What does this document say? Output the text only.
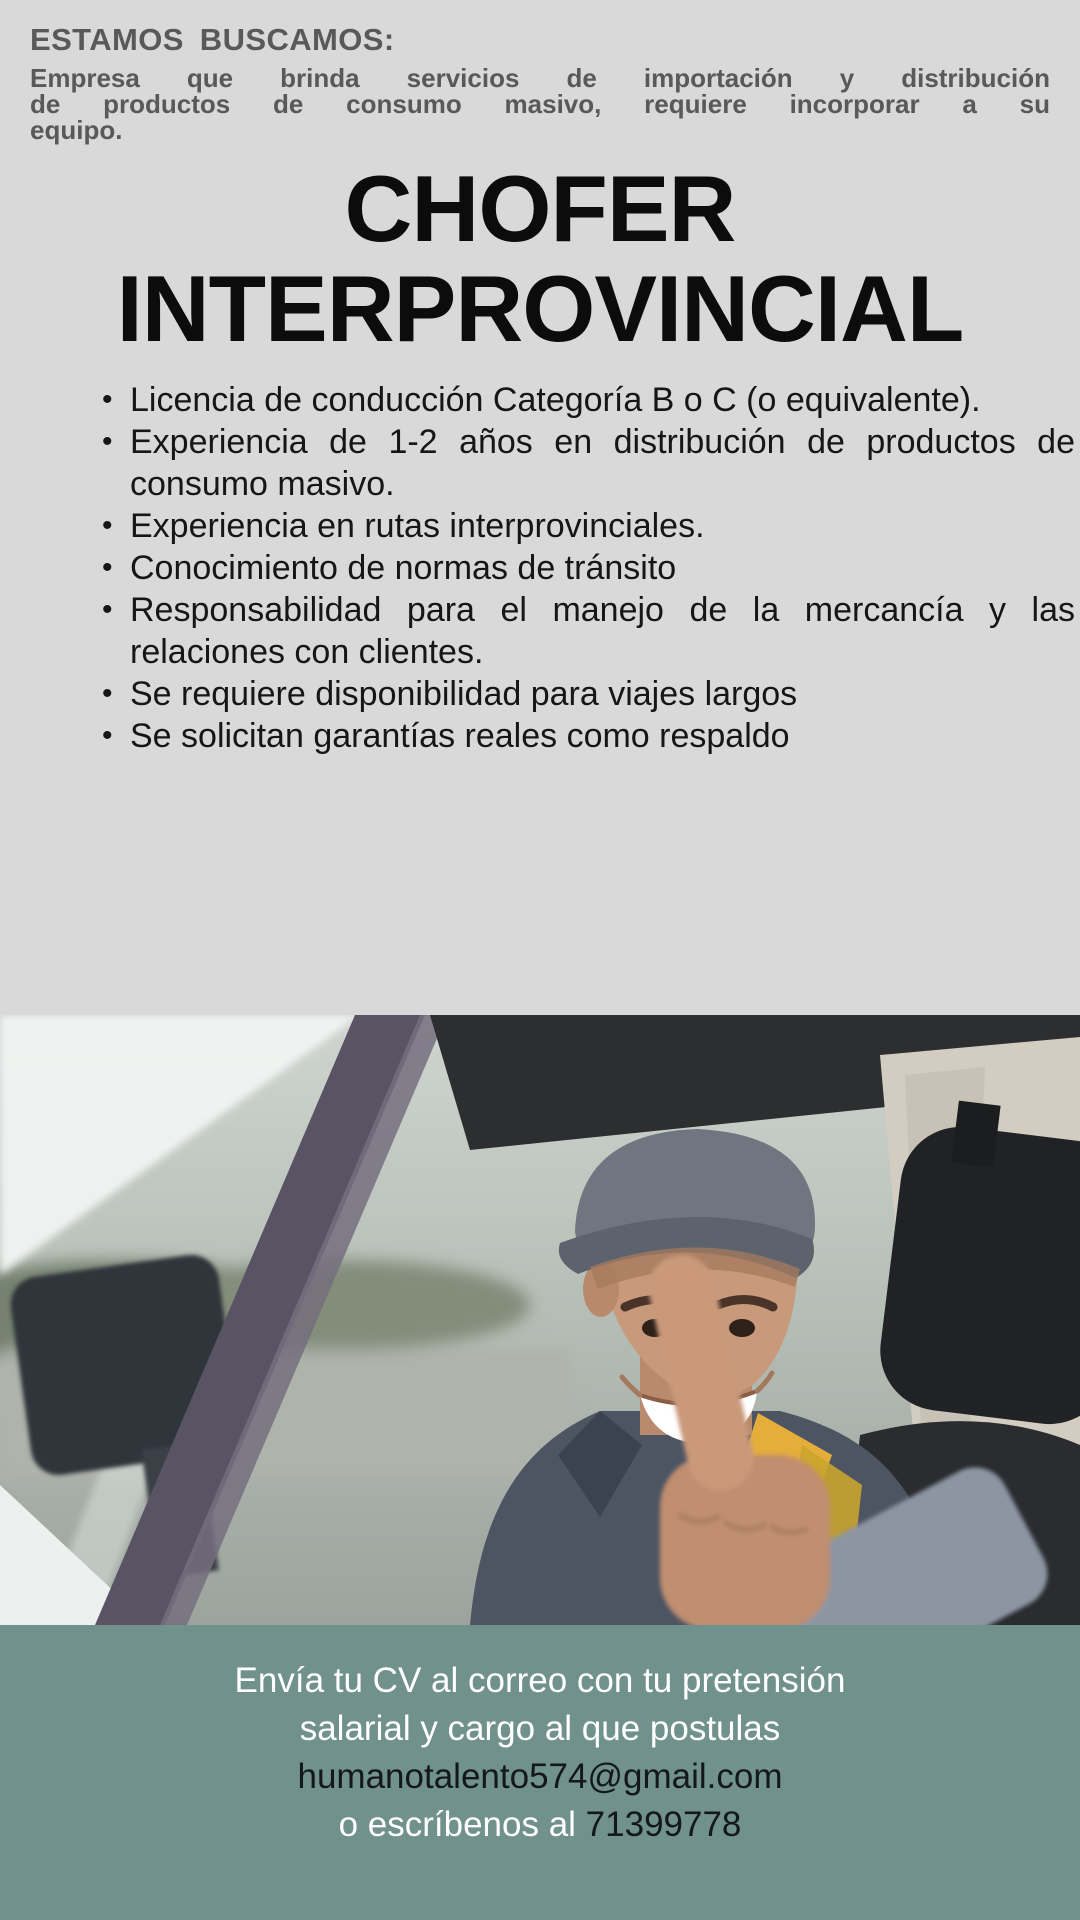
ESTAMOS BUSCAMOS:
Empresa que brinda servicios de importación y distribución
de productos de consumo masivo, requiere incorporar a su
equipo.
CHOFER
INTERPROVINCIAL
• Licencia de conducción Categoría B o C (o equivalente).
• Experiencia de 1-2 años en distribución de productos de consumo masivo.
• Experiencia en rutas interprovinciales.
• Conocimiento de normas de tránsito
• Responsabilidad para el manejo de la mercancía y las relaciones con clientes.
• Se requiere disponibilidad para viajes largos
• Se solicitan garantías reales como respaldo
Envía tu CV al correo con tu pretensión
salarial y cargo al que postulas
humanotalento574@gmail.com
o escríbenos al 71399778
